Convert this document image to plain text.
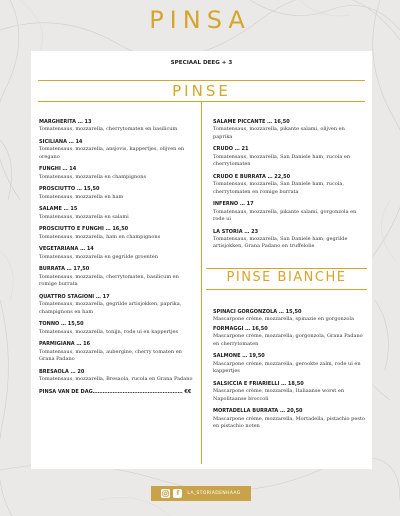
PINSA
SPECIAAL DEEG + 3
PINSE
MARGHERITA … 13
Tomatensaus, mozzarella, cherrytomaten en basilicum
SICILIANA … 14
Tomatensaus, mozzarella, ansjovis, kappertjes, olijven en oregano
FUNGHI … 14
Tomatensaus, mozzarella en champignons
PROSCIUTTO … 15,50
Tomatensaus, mozzarella en ham
SALAME … 15
Tomatensaus, mozzarella en salami
PROSCIUTTO E FUNGHI … 16,50
Tomatensaus, mozzarella, ham en champignons
VEGETARIANA … 14
Tomatensaus, mozzarella en gegrilde groenten
BURRATA … 17,50
Tomatensaus, mozzarella, cherrytomaten, basilicum en romige burrata
QUATTRO STAGIONI … 17
Tomatensaus, mozzarella, gegrilde artisjokken, paprika, champignons en ham
TONNO … 15,50
Tomatensaus, mozzarella, tonijn, rode ui en kappertjes
PARMIGIANA … 16
Tomatensaus, mozzarella, aubergine, cherry tomaten en Grana Padano
BRESAOLA … 20
Tomatensaus, mozzarella, Bresaola, rucola en Grana Padano
PINSA VAN DE DAG……………………………………………… €€
SALAME PICCANTE … 16,50
Tomatensaus, mozzarella, pikante salami, olijven en paprika
CRUDO … 21
Tomatensaus, mozzarella, San Daniele ham, rucola en cherrytomaten
CRUDO E BURRATA … 22,50
Tomatensaus, mozzarella, San Daniele ham, rucola, cherrytomaten en romige burrata
INFERNO … 17
Tomatensaus, mozzarella, pikante salami, gorgonzola en rode ui
LA STORIA … 23
Tomatensaus, mozzarella, San Daniele ham, gegrilde artisjokken, Grana Padano en truffelolie
PINSE BIANCHE
SPINACI GORGONZOLA … 15,50
Mascarpone crème, mozzarella, spinazie en gorgonzola
FORMAGGI … 16,50
Mascarpone crème, mozzarella, gorgonzola, Grana Padano en cherrytomaten
SALMONE … 19,50
Mascarpone crème, mozzarella, gerookte zalm, rode ui en kappertjes
SALSICCIA E FRIARIELLI … 18,50
Mascarpone crème, mozzarella, Italiaanse worst en Napolitaanse broccoli
MORTADELLA BURRATA … 20,50
Mascarpone crème, mozzarella, Mortadella, pistachio pesto en pistachio noten
f	LA_STORIADENHAAG
